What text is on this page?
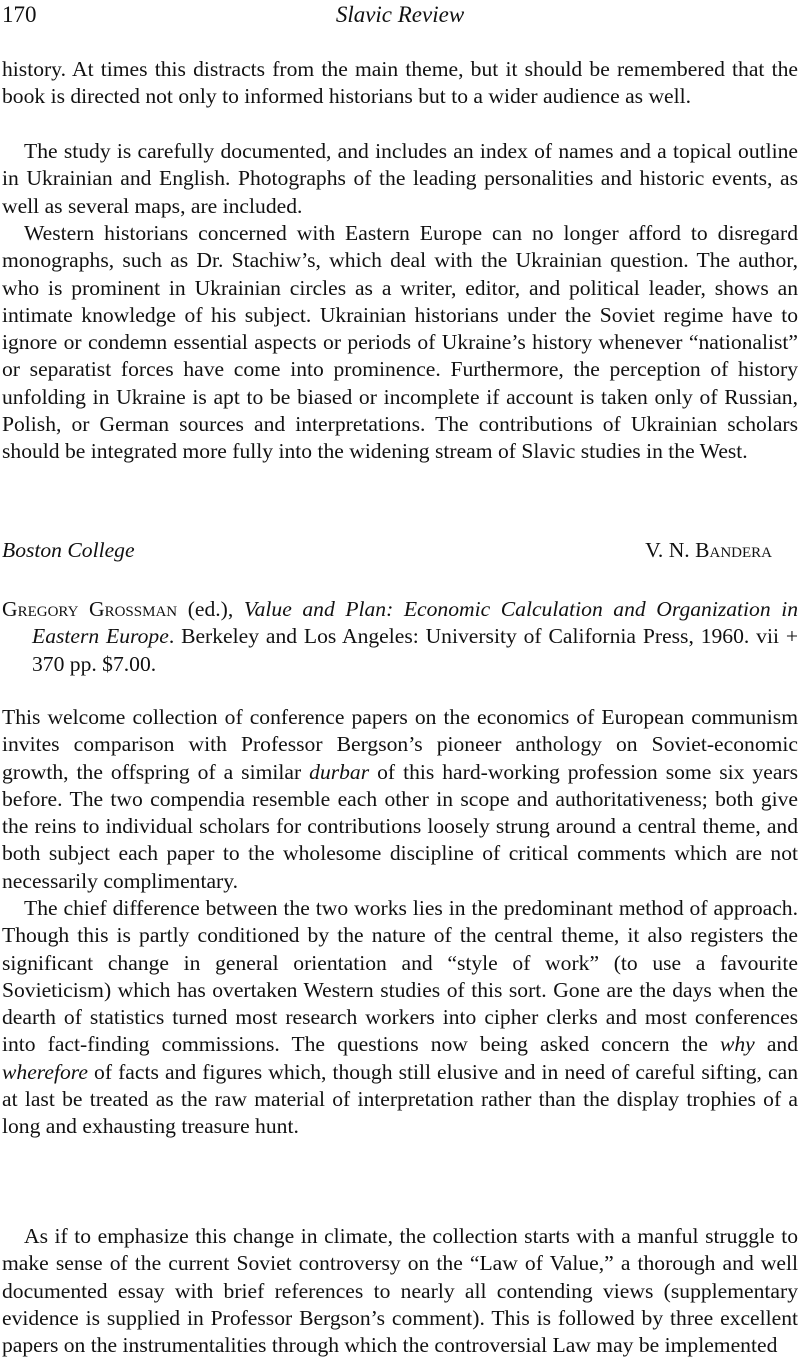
170	Slavic Review

history. At times this distracts from the main theme, but it should be remembered that the book is directed not only to informed historians but to a wider audience as well.

The study is carefully documented, and includes an index of names and a topical outline in Ukrainian and English. Photographs of the leading personalities and historic events, as well as several maps, are included.

Western historians concerned with Eastern Europe can no longer afford to disregard monographs, such as Dr. Stachiw’s, which deal with the Ukrainian question. The author, who is prominent in Ukrainian circles as a writer, editor, and political leader, shows an intimate knowledge of his subject. Ukrainian historians under the Soviet regime have to ignore or condemn essential aspects or periods of Ukraine’s history whenever “nationalist” or separatist forces have come into prominence. Furthermore, the perception of history unfolding in Ukraine is apt to be biased or incomplete if account is taken only of Russian, Polish, or German sources and interpretations. The contributions of Ukrainian scholars should be integrated more fully into the widening stream of Slavic studies in the West.

Boston College	V. N. Bandera
Gregory Grossman (ed.), Value and Plan: Economic Calculation and Organization in Eastern Europe. Berkeley and Los Angeles: University of California Press, 1960. vii + 370 pp. $7.00.

This welcome collection of conference papers on the economics of European communism invites comparison with Professor Bergson’s pioneer anthology on Soviet-economic growth, the offspring of a similar durbar of this hard-working profession some six years before. The two compendia resemble each other in scope and authoritativeness; both give the reins to individual scholars for contributions loosely strung around a central theme, and both subject each paper to the wholesome discipline of critical comments which are not necessarily complimentary.

The chief difference between the two works lies in the predominant method of approach. Though this is partly conditioned by the nature of the central theme, it also registers the significant change in general orientation and “style of work” (to use a favourite Sovieticism) which has overtaken Western studies of this sort. Gone are the days when the dearth of statistics turned most research workers into cipher clerks and most conferences into fact-finding commissions. The questions now being asked concern the why and wherefore of facts and figures which, though still elusive and in need of careful sifting, can at last be treated as the raw material of interpretation rather than the display trophies of a long and exhausting treasure hunt.

As if to emphasize this change in climate, the collection starts with a manful struggle to make sense of the current Soviet controversy on the “Law of Value,” a thorough and well documented essay with brief references to nearly all contending views (supplementary evidence is supplied in Professor Bergson’s comment). This is followed by three excellent papers on the instrumentalities through which the controversial Law may be implemented
